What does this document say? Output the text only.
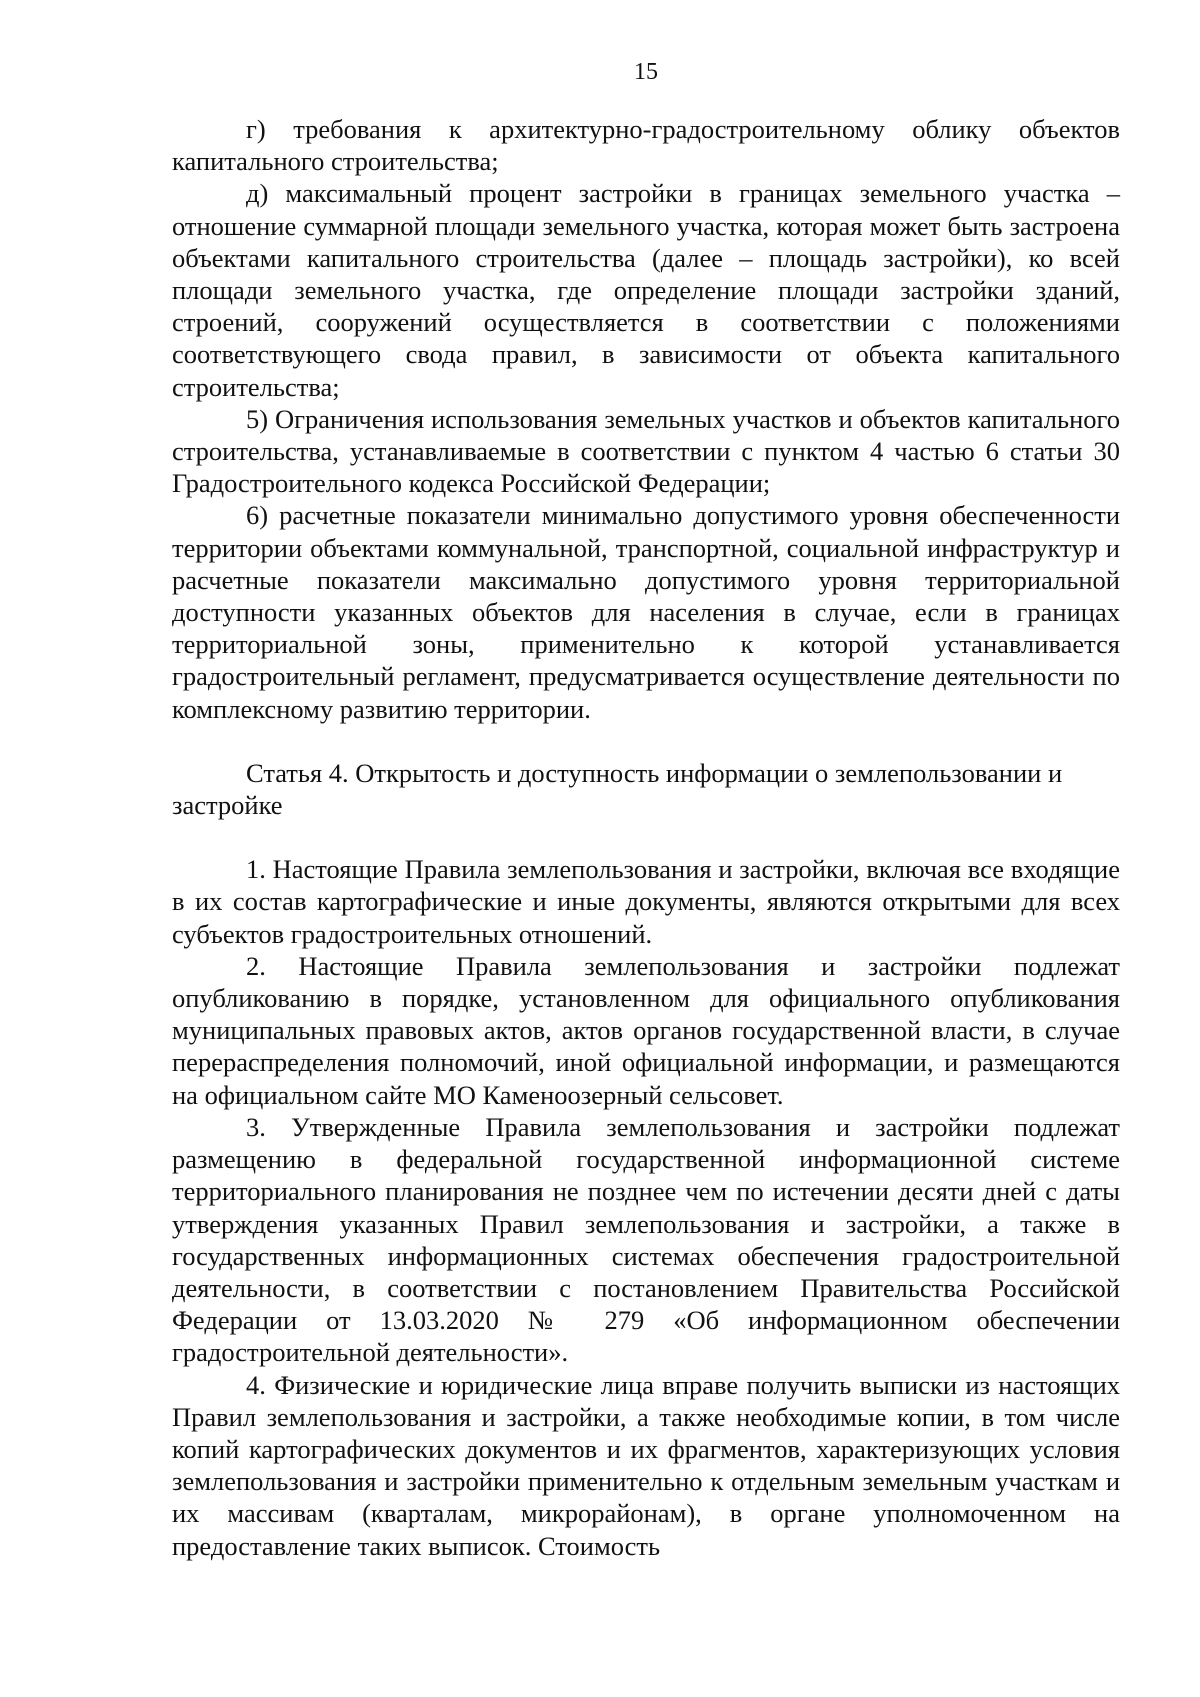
15

г) требования к архитектурно-градостроительному облику объектов капитального строительства;

д) максимальный процент застройки в границах земельного участка – отношение суммарной площади земельного участка, которая может быть застроена объектами капитального строительства (далее – площадь застройки), ко всей площади земельного участка, где определение площади застройки зданий, строений, сооружений осуществляется в соответствии с положениями соответствующего свода правил, в зависимости от объекта капитального строительства;

5) Ограничения использования земельных участков и объектов капитального строительства, устанавливаемые в соответствии с пунктом 4 частью 6 статьи 30 Градостроительного кодекса Российской Федерации;

6) расчетные показатели минимально допустимого уровня обеспеченности территории объектами коммунальной, транспортной, социальной инфраструктур и расчетные показатели максимально допустимого уровня территориальной доступности указанных объектов для населения в случае, если в границах территориальной зоны, применительно к которой устанавливается градостроительный регламент, предусматривается осуществление деятельности по комплексному развитию территории.

Статья 4. Открытость и доступность информации о землепользовании и застройке

1. Настоящие Правила землепользования и застройки, включая все входящие в их состав картографические и иные документы, являются открытыми для всех субъектов градостроительных отношений.

2. Настоящие Правила землепользования и застройки подлежат опубликованию в порядке, установленном для официального опубликования муниципальных правовых актов, актов органов государственной власти, в случае перераспределения полномочий, иной официальной информации, и размещаются на официальном сайте МО Каменоозерный сельсовет.

3. Утвержденные Правила землепользования и застройки подлежат размещению в федеральной государственной информационной системе территориального планирования не позднее чем по истечении десяти дней с даты утверждения указанных Правил землепользования и застройки, а также в государственных информационных системах обеспечения градостроительной деятельности, в соответствии с постановлением Правительства Российской Федерации от 13.03.2020 № 279 «Об информационном обеспечении градостроительной деятельности».

4. Физические и юридические лица вправе получить выписки из настоящих Правил землепользования и застройки, а также необходимые копии, в том числе копий картографических документов и их фрагментов, характеризующих условия землепользования и застройки применительно к отдельным земельным участкам и их массивам (кварталам, микрорайонам), в органе уполномоченном на предоставление таких выписок. Стоимость
